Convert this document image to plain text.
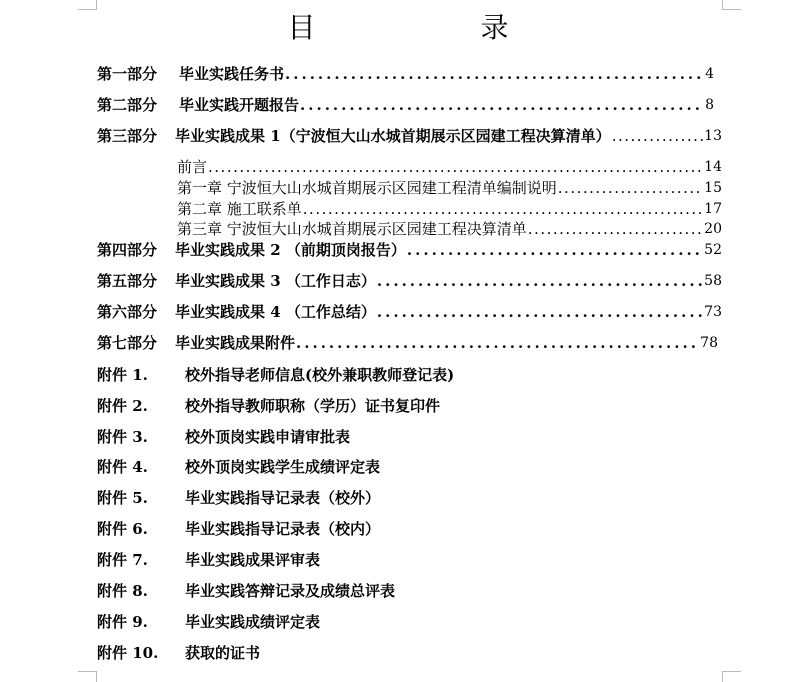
目 录
第一部分 毕业实践任务书 .....	4
第二部分 毕业实践开题报告 .....	8
第三部分 毕业实践成果 1（宁波恒大山水城首期展示区园建工程决算清单） .....	13
前言 .....	14
第一章 宁波恒大山水城首期展示区园建工程清单编制说明 .....	15
第二章 施工联系单 .....	17
第三章 宁波恒大山水城首期展示区园建工程决算清单 .....	20
第四部分 毕业实践成果 2 （前期顶岗报告） .....	52
第五部分 毕业实践成果 3 （工作日志） .....	58
第六部分 毕业实践成果 4 （工作总结） .....	73
第七部分 毕业实践成果附件 .....	78
附件 1. 校外指导老师信息(校外兼职教师登记表)
附件 2. 校外指导教师职称（学历）证书复印件
附件 3. 校外顶岗实践申请审批表
附件 4. 校外顶岗实践学生成绩评定表
附件 5. 毕业实践指导记录表（校外）
附件 6. 毕业实践指导记录表（校内）
附件 7. 毕业实践成果评审表
附件 8. 毕业实践答辩记录及成绩总评表
附件 9. 毕业实践成绩评定表
附件 10. 获取的证书
